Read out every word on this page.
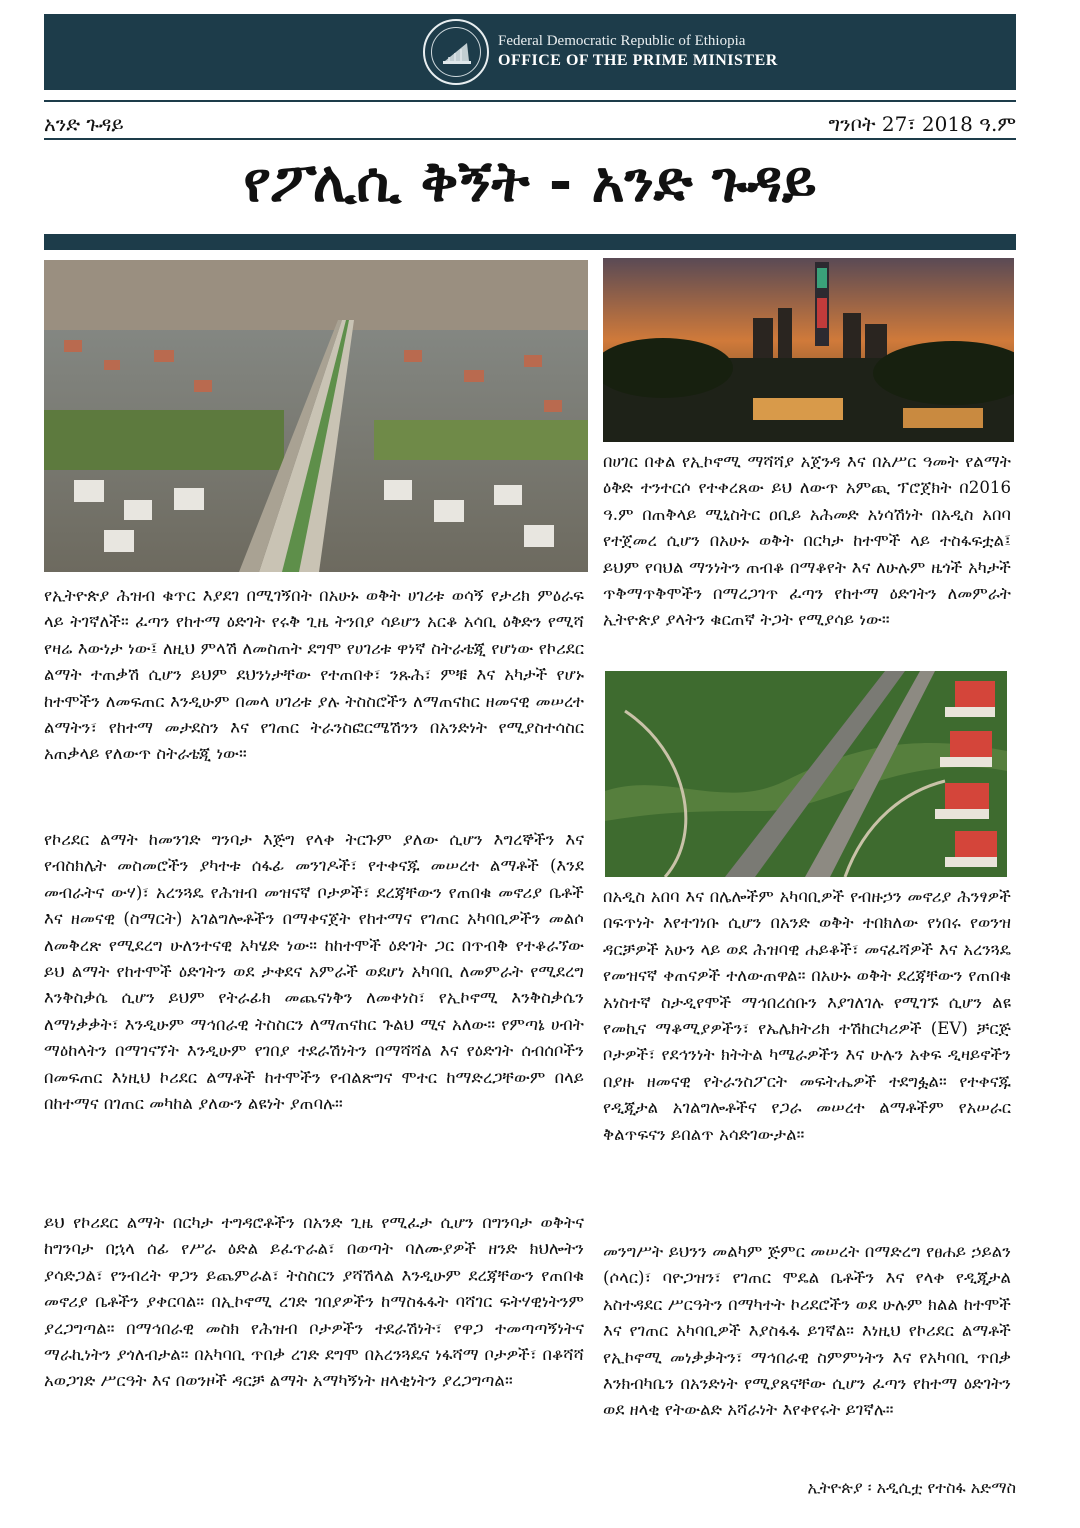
Federal Democratic Republic of Ethiopia
OFFICE OF THE PRIME MINISTER
አንድ ጉዳይ	ግንቦት 27፣ 2018 ዓ.ም
የፖሊሲ ቅኝት - አንድ ጉዳይ
የኢትዮጵያ ሕዝብ ቁጥር እያደገ በሚገኝበት በአሁኑ ወቅት ሀገሪቱ ወሳኝ የታሪክ ምዕራፍ ላይ ትገኛለች። ፈጣን የከተማ ዕድገት የሩቅ ጊዜ ትንበያ ሳይሆን አርቆ አሳቢ ዕቅድን የሚሻ የዛሬ እውነታ ነው፤ ለዚህ ምላሽ ለመስጠት ደግሞ የሀገሪቱ ዋነኛ ስትራቴጂ የሆነው የኮሪደር ልማት ተጠቃሽ ሲሆን ይህም ደህንነታቸው የተጠበቀ፣ ንጹሕ፣ ምቹ እና አካታች የሆኑ ከተሞችን ለመፍጠር እንዲሁም በመላ ሀገሪቱ ያሉ ትስስሮችን ለማጠናከር ዘመናዊ መሠረተ ልማትን፣ የከተማ መታደስን እና የገጠር ትራንስፎርሜሽንን በአንድነት የሚያስተሳስር አጠቃላይ የለውጥ ስትራቴጂ ነው።
የኮሪደር ልማት ከመንገድ ግንባታ እጅግ የላቀ ትርጉም ያለው ሲሆን እግረኞችን እና የብስክሌት መስመሮችን ያካተቱ ሰፋፊ መንገዶች፣ የተቀናጁ መሠረተ ልማቶች (እንደ መብራትና ውሃ)፣ አረንጓዴ የሕዝብ መዝናኛ ቦታዎች፣ ደረጃቸውን የጠበቁ መኖሪያ ቤቶች እና ዘመናዊ (ስማርት) አገልግሎቶችን በማቀናጀት የከተማና የገጠር አካባቢዎችን መልሶ ለመቅረጽ የሚደረግ ሁለንተናዊ አካሄድ ነው። ከከተሞች ዕድገት ጋር በጥብቅ የተቆራኘው ይህ ልማት የከተሞች ዕድገትን ወደ ታቀደና አምራች ወደሆነ አካባቢ ለመምራት የሚደረግ እንቅስቃሴ ሲሆን ይህም የትራፊክ መጨናነቅን ለመቀነስ፣ የኢኮኖሚ እንቅስቃሴን ለማነቃቃት፣ እንዲሁም ማኅበራዊ ትስስርን ለማጠናከር ጉልህ ሚና አለው። የምጣኔ ሀብት ማዕከላትን በማገናኘት እንዲሁም የገበያ ተደራሽነትን በማሻሻል እና የዕድገት ሰብሰቦችን በመፍጠር እነዚህ ኮሪደር ልማቶች ከተሞችን የብልጽግና ሞተር ከማድረጋቸውም በላይ በከተማና በገጠር መካከል ያለውን ልዩነት ያጠባሉ።
ይህ የኮሪደር ልማት በርካታ ተግዳሮቶችን በአንድ ጊዜ የሚፈታ ሲሆን በግንባታ ወቅትና ከግንባታ በኋላ ሰፊ የሥራ ዕድል ይፈጥራል፣ በወጣት ባለሙያዎች ዘንድ ክህሎትን ያሳድጋል፣ የንብረት ዋጋን ይጨምራል፣ ትስስርን ያሻሽላል እንዲሁም ደረጃቸውን የጠበቁ መኖሪያ ቤቶችን ያቀርባል። በኢኮኖሚ ረገድ ገበያዎችን ከማስፋፋት ባሻገር ፍትሃዊነትንም ያረጋግጣል። በማኅበራዊ መስክ የሕዝብ ቦታዎችን ተደራሽነት፣ የዋጋ ተመጣጣኝነትና ማራኪነትን ያጎለብታል። በአካባቢ ጥበቃ ረገድ ደግሞ በአረንጓዴና ነፋሻማ ቦታዎች፣ በቆሻሻ አወጋገድ ሥርዓት እና በወንዞች ዳርቻ ልማት አማካኝነት ዘላቂነትን ያረጋግጣል።
በሀገር በቀል የኢኮኖሚ ማሻሻያ አጀንዳ እና በአሥር ዓመት የልማት ዕቅድ ተንተርሶ የተቀረጸው ይህ ለውጥ አምጪ ፕሮጀክት በ2016 ዓ.ም በጠቅላይ ሚኒስትር ዐቢይ አሕመድ አነሳሽነት በአዲስ አበባ የተጀመረ ሲሆን በአሁኑ ወቅት በርካታ ከተሞች ላይ ተስፋፍቷል፤ ይህም የባህል ማንነትን ጠብቆ በማቆየት እና ለሁሉም ዜጎች አካታች ጥቅማጥቅሞችን በማረጋገጥ ፈጣን የከተማ ዕድገትን ለመምራት ኢትዮጵያ ያላትን ቁርጠኛ ትጋት የሚያሳይ ነው።
በአዲስ አበባ እና በሌሎችም አካባቢዎች የብዙኃን መኖሪያ ሕንፃዎች በፍጥነት እየተገነቡ ሲሆን በአንድ ወቅት ተበክለው የነበሩ የወንዝ ዳርቻዎች አሁን ላይ ወደ ሕዝባዊ ሐይቆች፣ መናፈሻዎች እና አረንጓዴ የመዝናኛ ቀጠናዎች ተለውጠዋል። በአሁኑ ወቅት ደረጃቸውን የጠበቁ አነስተኛ ስታዲየሞች ማኅበረሰቡን እያገለገሉ የሚገኙ ሲሆን ልዩ የመኪና ማቆሚያዎችን፣ የኤሌክትሪክ ተሽከርካሪዎች (EV) ቻርጅ ቦታዎች፣ የደኅንነት ክትትል ካሜራዎችን እና ሁሉን አቀፍ ዲዛይኖችን በያዙ ዘመናዊ የትራንስፖርት መፍትሔዎች ተደግፏል። የተቀናጁ የዲጂታል አገልግሎቶችና የጋራ መሠረተ ልማቶችም የአሠራር ቅልጥፍናን ይበልጥ አሳድገውታል።
መንግሥት ይህንን መልካም ጅምር መሠረት በማድረግ የፀሐይ ኃይልን (ሶላር)፣ ባዮጋዝን፣ የገጠር ሞዴል ቤቶችን እና የላቀ የዲጂታል አስተዳደር ሥርዓትን በማካተት ኮሪደሮችን ወደ ሁሉም ክልል ከተሞች እና የገጠር አካባቢዎች እያስፋፋ ይገኛል። እነዚህ የኮሪደር ልማቶች የኢኮኖሚ መነቃቃትን፣ ማኅበራዊ ስምምነትን እና የአካባቢ ጥበቃ እንክብካቤን በአንድነት የሚያጸናቸው ሲሆን ፈጣን የከተማ ዕድገትን ወደ ዘላቂ የትውልድ አሻራነት እየቀየሩት ይገኛሉ።
ኢትዮጵያ ፡ አዲሲቷ የተስፋ አድማስ
